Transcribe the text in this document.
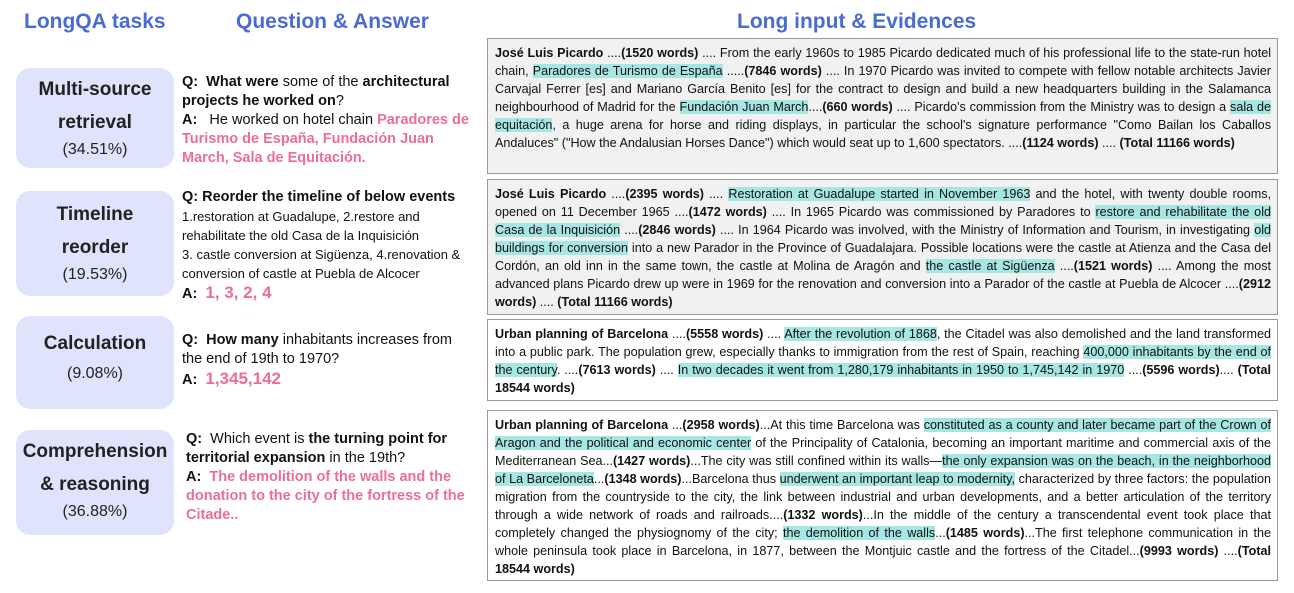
LongQA tasks	Question & Answer	Long input & Evidences
Multi-source
retrieval
(34.51%)
Q: What were some of the architectural projects he worked on?
A: He worked on hotel chain Paradores de Turismo de España, Fundación Juan March, Sala de Equitación.
Timeline
reorder
(19.53%)
Q: Reorder the timeline of below events
1.restoration at Guadalupe, 2.restore and rehabilitate the old Casa de la Inquisición
3. castle conversion at Sigüenza, 4.renovation & conversion of castle at Puebla de Alcocer
A: 1, 3, 2, 4
Calculation
(9.08%)
Q: How many inhabitants increases from the end of 19th to 1970?
A: 1,345,142
Comprehension
& reasoning
(36.88%)
Q: Which event is the turning point for territorial expansion in the 19th?
A: The demolition of the walls and the donation to the city of the fortress of the Citade..
José Luis Picardo ....(1520 words) .... From the early 1960s to 1985 Picardo dedicated much of his professional life to the state-run hotel chain, Paradores de Turismo de España .....(7846 words) .... In 1970 Picardo was invited to compete with fellow notable architects Javier Carvajal Ferrer [es] and Mariano García Benito [es] for the contract to design and build a new headquarters building in the Salamanca neighbourhood of Madrid for the Fundación Juan March....(660 words) .... Picardo's commission from the Ministry was to design a sala de equitación, a huge arena for horse and riding displays, in particular the school's signature performance "Como Bailan los Caballos Andaluces" ("How the Andalusian Horses Dance") which would seat up to 1,600 spectators. ....(1124 words) .... (Total 11166 words)
José Luis Picardo ....(2395 words) .... Restoration at Guadalupe started in November 1963 and the hotel, with twenty double rooms, opened on 11 December 1965 ....(1472 words) .... In 1965 Picardo was commissioned by Paradores to restore and rehabilitate the old Casa de la Inquisición ....(2846 words) .... In 1964 Picardo was involved, with the Ministry of Information and Tourism, in investigating old buildings for conversion into a new Parador in the Province of Guadalajara. Possible locations were the castle at Atienza and the Casa del Cordón, an old inn in the same town, the castle at Molina de Aragón and the castle at Sigüenza ....(1521 words) .... Among the most advanced plans Picardo drew up were in 1969 for the renovation and conversion into a Parador of the castle at Puebla de Alcocer ....(2912 words) .... (Total 11166 words)
Urban planning of Barcelona ....(5558 words) .... After the revolution of 1868, the Citadel was also demolished and the land transformed into a public park. The population grew, especially thanks to immigration from the rest of Spain, reaching 400,000 inhabitants by the end of the century. ....(7613 words) .... In two decades it went from 1,280,179 inhabitants in 1950 to 1,745,142 in 1970 ....(5596 words).... (Total 18544 words)
Urban planning of Barcelona ...(2958 words)...At this time Barcelona was constituted as a county and later became part of the Crown of Aragon and the political and economic center of the Principality of Catalonia, becoming an important maritime and commercial axis of the Mediterranean Sea...(1427 words)...The city was still confined within its walls—the only expansion was on the beach, in the neighborhood of La Barceloneta...(1348 words)...Barcelona thus underwent an important leap to modernity, characterized by three factors: the population migration from the countryside to the city, the link between industrial and urban developments, and a better articulation of the territory through a wide network of roads and railroads....(1332 words)...In the middle of the century a transcendental event took place that completely changed the physiognomy of the city; the demolition of the walls...(1485 words)...The first telephone communication in the whole peninsula took place in Barcelona, in 1877, between the Montjuic castle and the fortress of the Citadel...(9993 words) ....(Total 18544 words)
